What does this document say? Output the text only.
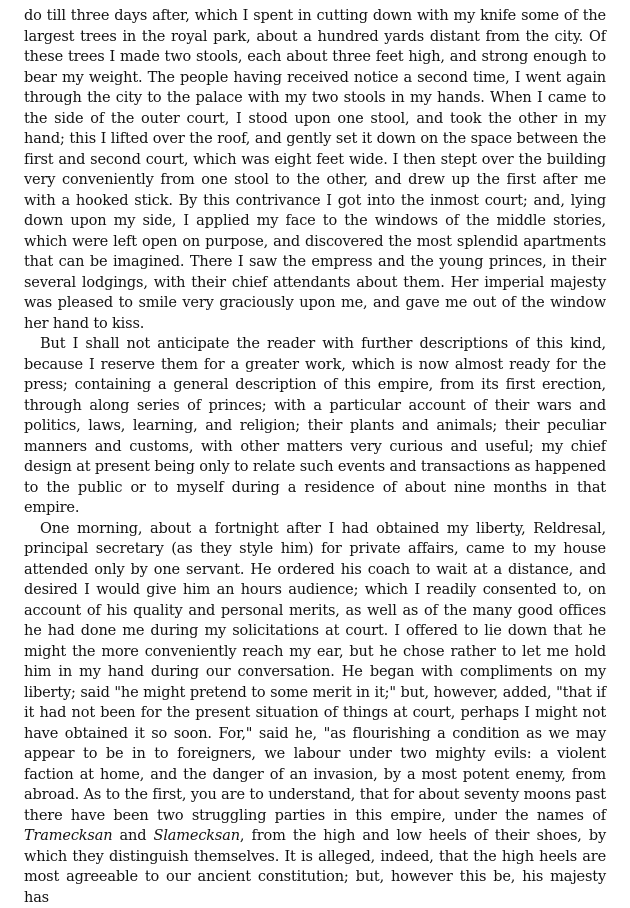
do till three days after, which I spent in cutting down with my knife some of the largest trees in the royal park, about a hundred yards distant from the city. Of these trees I made two stools, each about three feet high, and strong enough to bear my weight. The people having received notice a second time, I went again through the city to the palace with my two stools in my hands. When I came to the side of the outer court, I stood upon one stool, and took the other in my hand; this I lifted over the roof, and gently set it down on the space between the first and second court, which was eight feet wide. I then stept over the building very conveniently from one stool to the other, and drew up the first after me with a hooked stick. By this contrivance I got into the inmost court; and, lying down upon my side, I applied my face to the windows of the middle stories, which were left open on purpose, and discovered the most splendid apartments that can be imagined. There I saw the empress and the young princes, in their several lodgings, with their chief attendants about them. Her imperial majesty was pleased to smile very graciously upon me, and gave me out of the window her hand to kiss.

But I shall not anticipate the reader with further descriptions of this kind, because I reserve them for a greater work, which is now almost ready for the press; containing a general description of this empire, from its first erection, through along series of princes; with a particular account of their wars and politics, laws, learning, and religion; their plants and animals; their peculiar manners and customs, with other matters very curious and useful; my chief design at present being only to relate such events and transactions as happened to the public or to myself during a residence of about nine months in that empire.

One morning, about a fortnight after I had obtained my liberty, Reldresal, principal secretary (as they style him) for private affairs, came to my house attended only by one servant. He ordered his coach to wait at a distance, and desired I would give him an hours audience; which I readily consented to, on account of his quality and personal merits, as well as of the many good offices he had done me during my solicitations at court. I offered to lie down that he might the more conveniently reach my ear, but he chose rather to let me hold him in my hand during our conversation. He began with compliments on my liberty; said "he might pretend to some merit in it;" but, however, added, "that if it had not been for the present situation of things at court, perhaps I might not have obtained it so soon. For," said he, "as flourishing a condition as we may appear to be in to foreigners, we labour under two mighty evils: a violent faction at home, and the danger of an invasion, by a most potent enemy, from abroad. As to the first, you are to understand, that for about seventy moons past there have been two struggling parties in this empire, under the names of Tramecksan and Slamecksan, from the high and low heels of their shoes, by which they distinguish themselves. It is alleged, indeed, that the high heels are most agreeable to our ancient constitution; but, however this be, his majesty has
